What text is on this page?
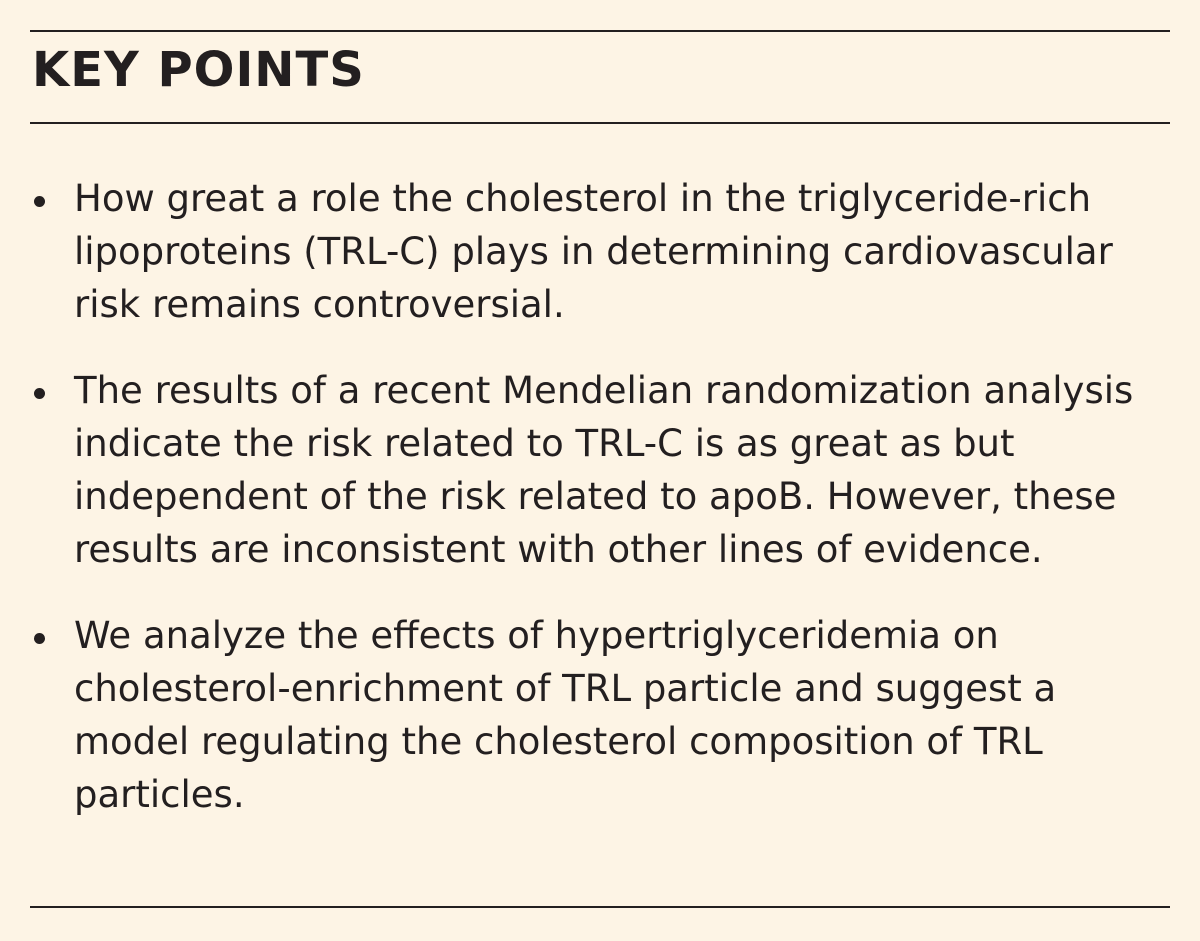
KEY POINTS
How great a role the cholesterol in the triglyceride-rich lipoproteins (TRL-C) plays in determining cardiovascular risk remains controversial.
The results of a recent Mendelian randomization analysis indicate the risk related to TRL-C is as great as but independent of the risk related to apoB. However, these results are inconsistent with other lines of evidence.
We analyze the effects of hypertriglyceridemia on cholesterol-enrichment of TRL particle and suggest a model regulating the cholesterol composition of TRL particles.
